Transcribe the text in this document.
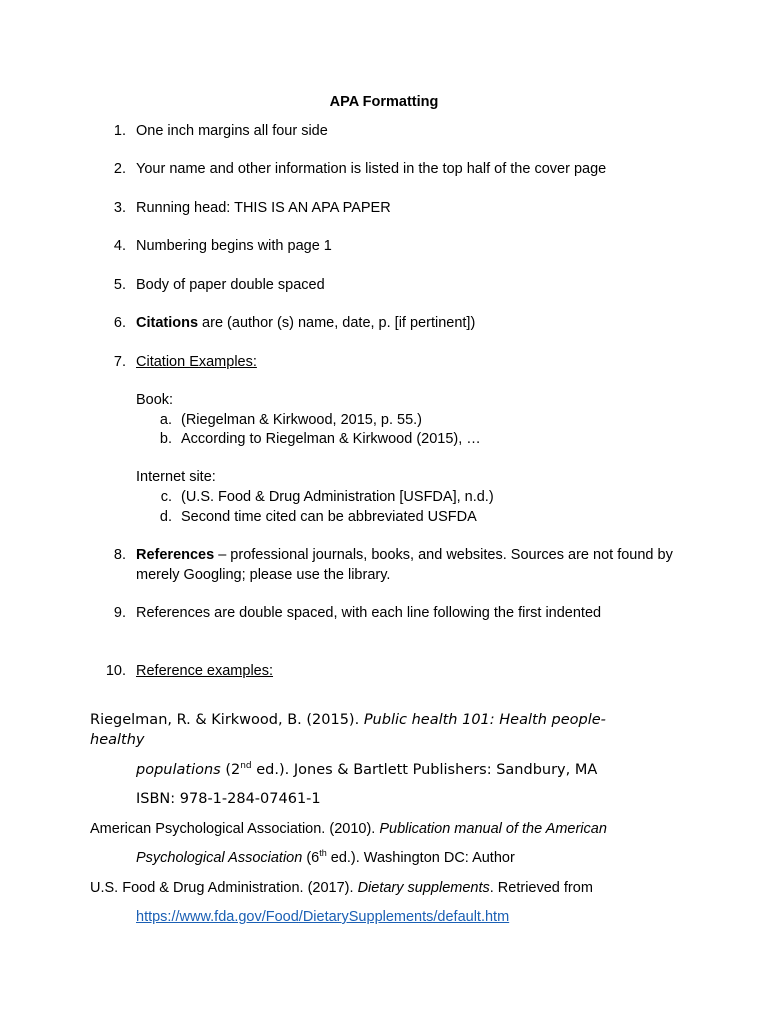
APA Formatting
1. One inch margins all four side
2. Your name and other information is listed in the top half of the cover page
3. Running head: THIS IS AN APA PAPER
4. Numbering begins with page 1
5. Body of paper double spaced
6. Citations are (author (s) name, date, p. [if pertinent])
7. Citation Examples:
Book:
a. (Riegelman & Kirkwood, 2015, p. 55.)
b. According to Riegelman & Kirkwood (2015), …
Internet site:
c. (U.S. Food & Drug Administration [USFDA], n.d.)
d. Second time cited can be abbreviated USFDA
8. References – professional journals, books, and websites. Sources are not found by merely Googling; please use the library.
9. References are double spaced, with each line following the first indented
10. Reference examples:
Riegelman, R. & Kirkwood, B. (2015). Public health 101: Health people-
healthy
populations (2nd ed.). Jones & Bartlett Publishers: Sandbury, MA
ISBN: 978-1-284-07461-1
American Psychological Association. (2010). Publication manual of the American
Psychological Association (6th ed.). Washington DC: Author
U.S. Food & Drug Administration. (2017). Dietary supplements. Retrieved from
https://www.fda.gov/Food/DietarySupplements/default.htm
